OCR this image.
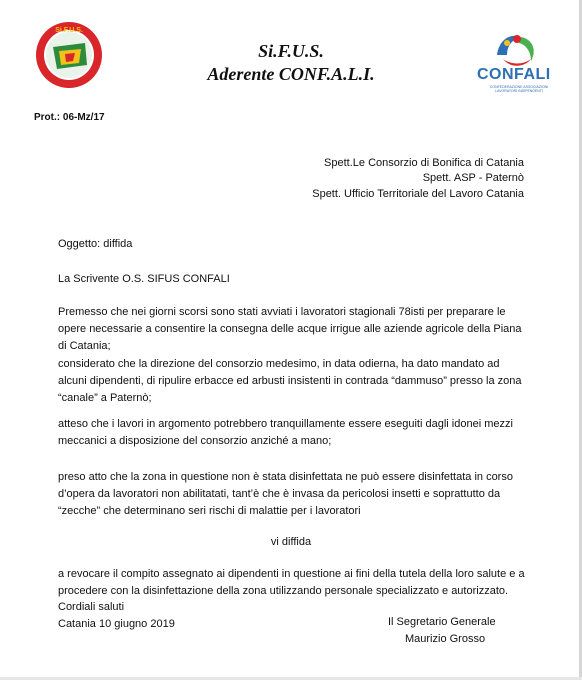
Si.F.U.S.
Si.F.U.S.
Aderente CONF.A.L.I.	CONFALI
CONFEDERAZIONE ASSOCIAZIONI LAVORATORI INDIPENDENTI
Prot.: 06-Mz/17
Spett.Le Consorzio di Bonifica di Catania
Spett. ASP - Paternò
Spett. Ufficio Territoriale del Lavoro Catania
Oggetto: diffida
La Scrivente O.S. SIFUS CONFALI
Premesso che nei giorni scorsi sono stati avviati i lavoratori stagionali 78isti per preparare le opere necessarie a consentire la consegna delle acque irrigue alle aziende agricole della Piana di Catania;
considerato che la direzione del consorzio medesimo, in data odierna, ha dato mandato ad alcuni dipendenti, di ripulire erbacce ed arbusti insistenti in contrada “dammuso” presso la zona “canale” a Paternò;
atteso che i lavori in argomento potrebbero tranquillamente essere eseguiti dagli idonei mezzi meccanici a disposizione del consorzio anziché a mano;
preso atto che la zona in questione non è stata disinfettata ne può essere disinfettata in corso d’opera da lavoratori non abilitatati, tant’è che è invasa da pericolosi insetti e soprattutto da “zecche” che determinano seri rischi di malattie per i lavoratori
vi diffida
a revocare il compito assegnato ai dipendenti in questione ai fini della tutela della loro salute e a procedere con la disinfettazione della zona utilizzando personale specializzato e autorizzato.
Cordiali saluti
Catania 10 giugno 2019	Il Segretario Generale
Maurizio Grosso
